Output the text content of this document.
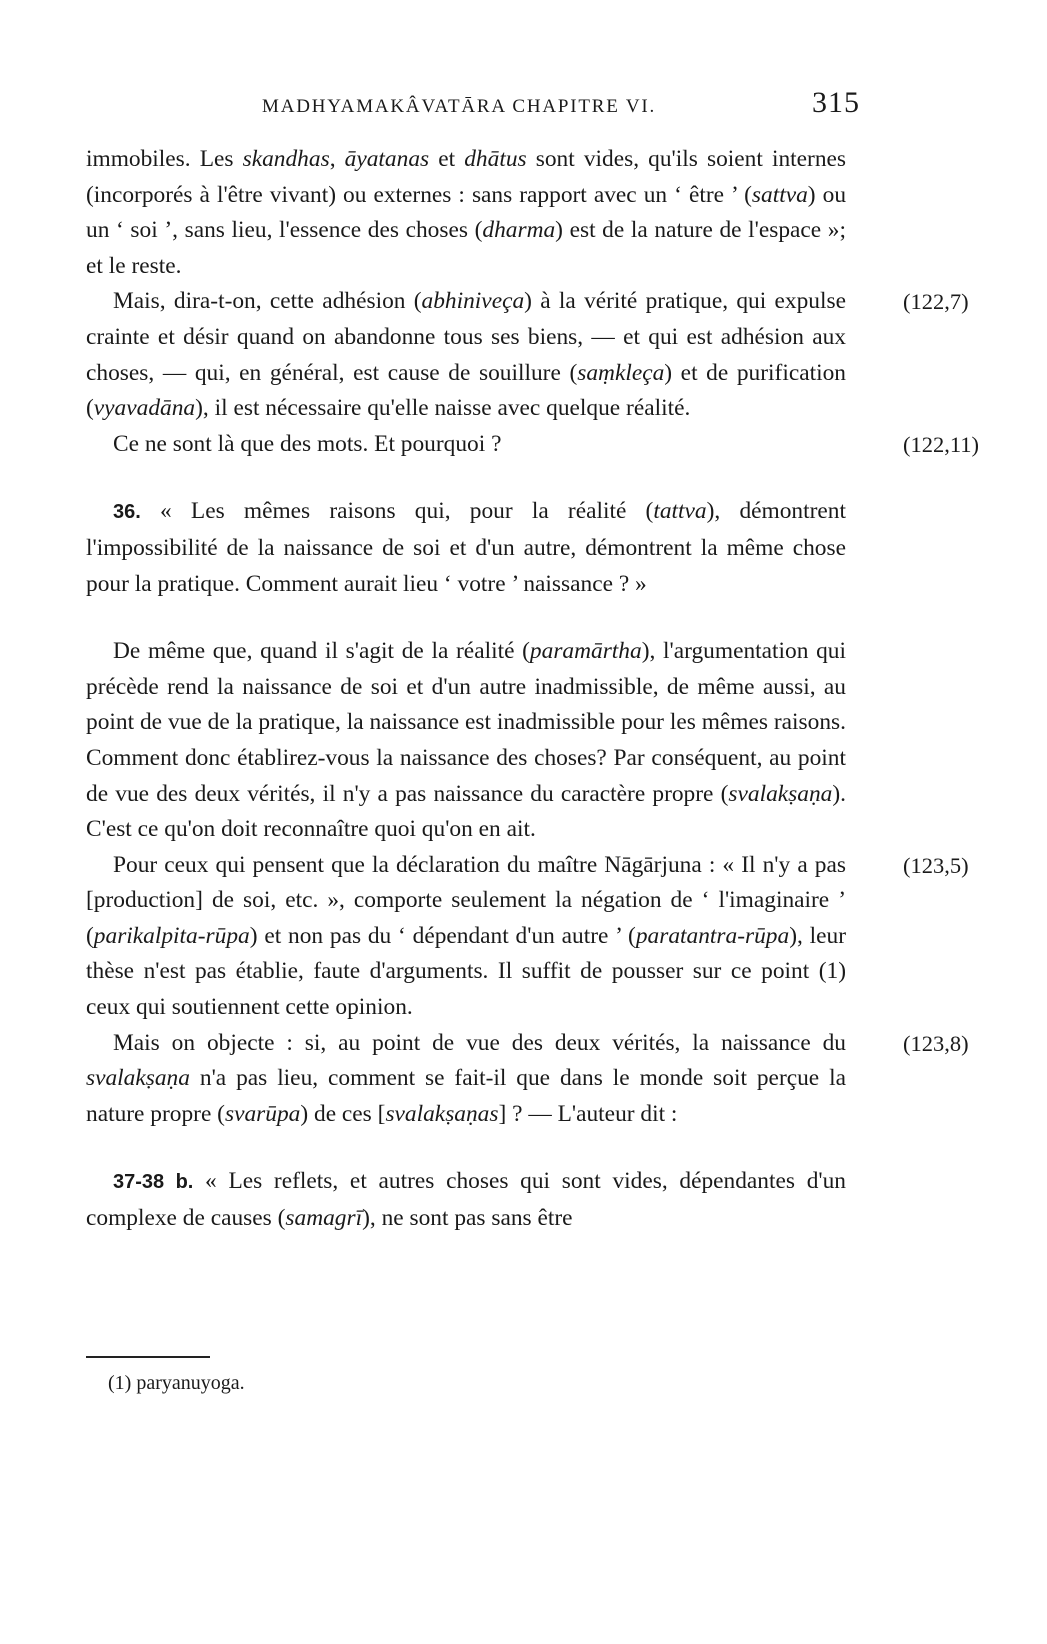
MADHYAMAKÂVATĀRA CHAPITRE VI.	315

immobiles. Les skandhas, āyatanas et dhātus sont vides, qu'ils soient internes (incorporés à l'être vivant) ou externes : sans rapport avec un ‘ être ’ (sattva) ou un ‘ soi ’, sans lieu, l'essence des choses (dharma) est de la nature de l'espace »; et le reste.

Mais, dira-t-on, cette adhésion (abhiniveça) à la vérité pratique, qui expulse crainte et désir quand on abandonne tous ses biens, — et qui est adhésion aux choses, — qui, en général, est cause de souillure (saṃkleça) et de purification (vyavadāna), il est nécessaire qu'elle naisse avec quelque réalité.
(122,7)

Ce ne sont là que des mots. Et pourquoi ?	(122,11)

36. « Les mêmes raisons qui, pour la réalité (tattva), démontrent l'impossibilité de la naissance de soi et d'un autre, démontrent la même chose pour la pratique. Comment aurait lieu ‘ votre ’ naissance ? »

De même que, quand il s'agit de la réalité (paramārtha), l'argumentation qui précède rend la naissance de soi et d'un autre inadmissible, de même aussi, au point de vue de la pratique, la naissance est inadmissible pour les mêmes raisons. Comment donc établirez-vous la naissance des choses? Par conséquent, au point de vue des deux vérités, il n'y a pas naissance du caractère propre (svalakṣaṇa). C'est ce qu'on doit reconnaître quoi qu'on en ait.

Pour ceux qui pensent que la déclaration du maître Nāgārjuna : « Il n'y a pas [production] de soi, etc. », comporte seulement la négation de ‘ l'imaginaire ’ (parikalpita-rūpa) et non pas du ‘ dépendant d'un autre ’ (paratantra-rūpa), leur thèse n'est pas établie, faute d'arguments. Il suffit de pousser sur ce point (1) ceux qui soutiennent cette opinion.
(123,5)

Mais on objecte : si, au point de vue des deux vérités, la naissance du svalakṣaṇa n'a pas lieu, comment se fait-il que dans le monde soit perçue la nature propre (svarūpa) de ces [svalakṣaṇas] ? — L'auteur dit :
(123,8)

37-38 b. « Les reflets, et autres choses qui sont vides, dépendantes d'un complexe de causes (samagrī), ne sont pas sans être

(1) paryanuyoga.
